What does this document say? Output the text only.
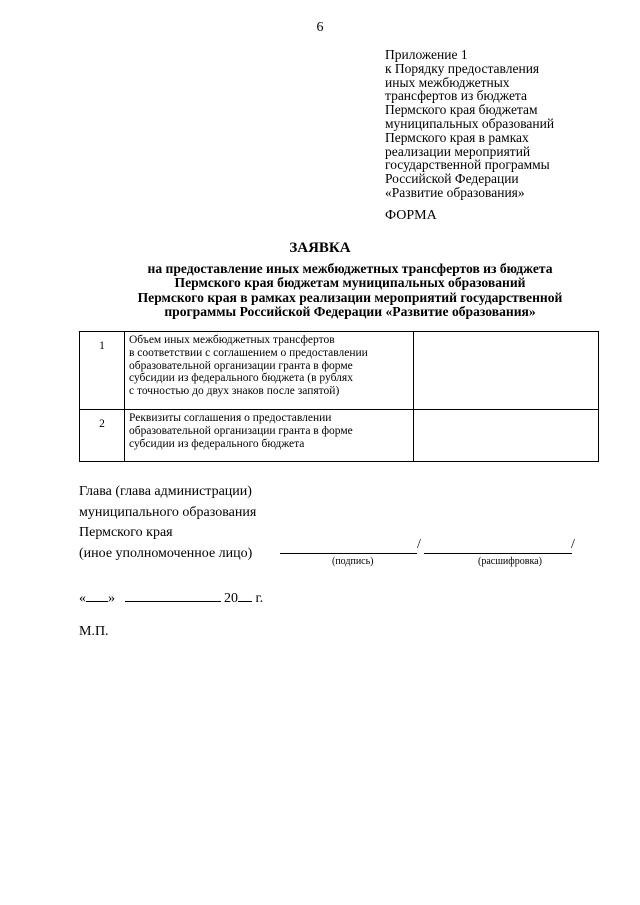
6
Приложение 1
к Порядку предоставления
иных межбюджетных
трансфертов из бюджета
Пермского края бюджетам
муниципальных образований
Пермского края в рамках
реализации мероприятий
государственной программы
Российской Федерации
«Развитие образования»
ФОРМА
ЗАЯВКА
на предоставление иных межбюджетных трансфертов из бюджета
Пермского края бюджетам муниципальных образований
Пермского края в рамках реализации мероприятий государственной
программы Российской Федерации «Развитие образования»
1	Объем иных межбюджетных трансфертов
в соответствии с соглашением о предоставлении
образовательной организации гранта в форме
субсидии из федерального бюджета (в рублях
с точностью до двух знаков после запятой)	

2	Реквизиты соглашения о предоставлении
образовательной организации гранта в форме
субсидии из федерального бюджета	

Глава (глава администрации)
муниципального образования
Пермского края
(иное уполномоченное лицо)
/	/
(подпись)	(расшифровка)
« »	20 г.
М.П.
